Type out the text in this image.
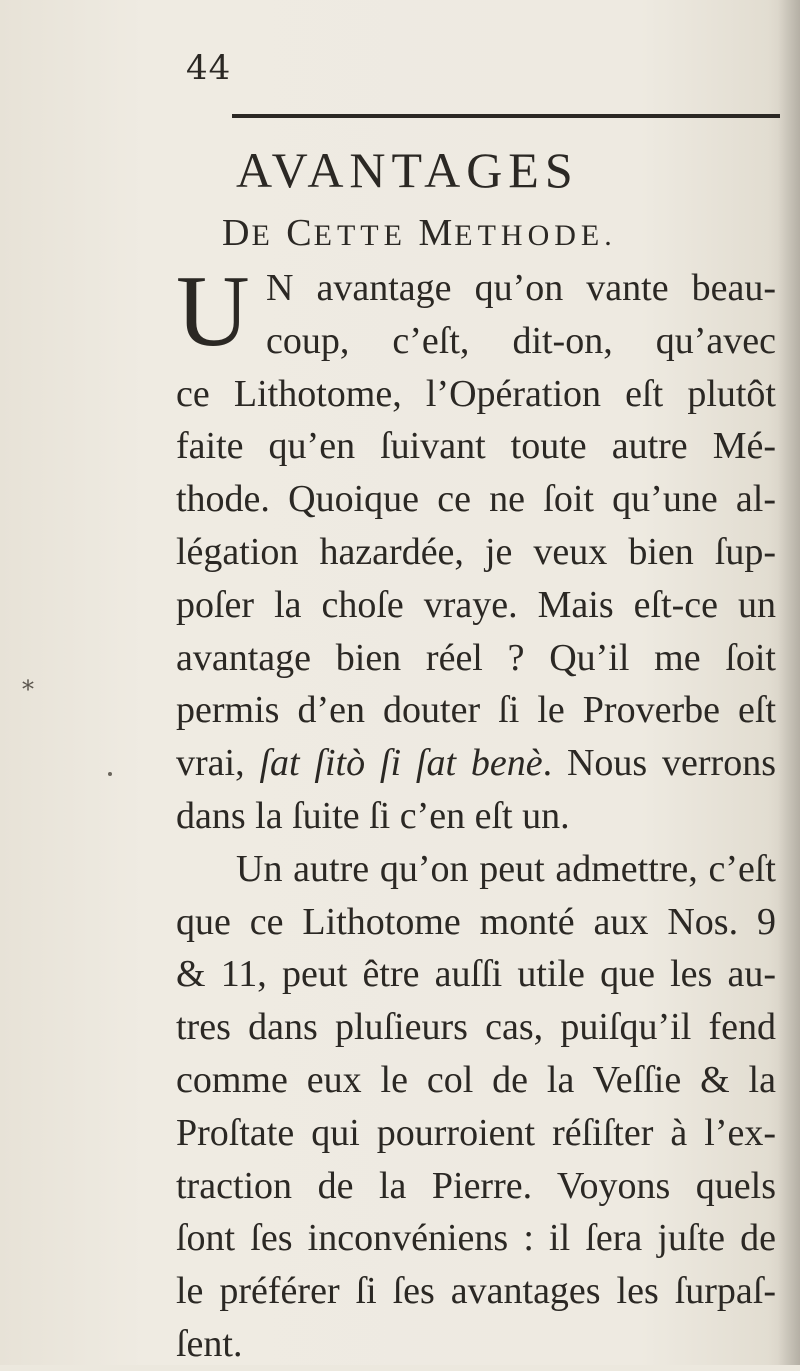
44
AVANTAGES
DE CETTE METHODE.
⁎
U N avantage qu’on vante beau-
coup, c’eſt, dit-on, qu’avec
ce Lithotome, l’Opération eſt plutôt
faite qu’en ſuivant toute autre Mé-
thode. Quoique ce ne ſoit qu’une al-
légation hazardée, je veux bien ſup-
poſer la choſe vraye. Mais eſt-ce un
avantage bien réel ? Qu’il me ſoit
permis d’en douter ſi le Proverbe eſt
vrai, ſat ſitò ſi ſat benè. Nous verrons
dans la ſuite ſi c’en eſt un.
Un autre qu’on peut admettre, c’eſt
que ce Lithotome monté aux Nos. 9
& 11, peut être auſſi utile que les au-
tres dans pluſieurs cas, puiſqu’il fend
comme eux le col de la Veſſie & la
Proſtate qui pourroient réſiſter à l’ex-
traction de la Pierre. Voyons quels
ſont ſes inconvéniens : il ſera juſte de
le préférer ſi ſes avantages les ſurpaſ-
ſent.
